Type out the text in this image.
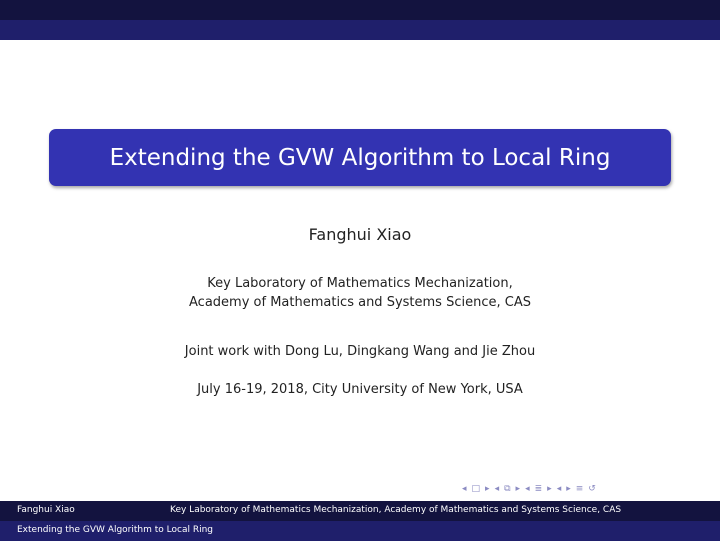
Extending the GVW Algorithm to Local Ring
Fanghui Xiao
Key Laboratory of Mathematics Mechanization,
Academy of Mathematics and Systems Science, CAS
Joint work with Dong Lu, Dingkang Wang and Jie Zhou
July 16-19, 2018, City University of New York, USA
◂ □ ▸ ◂ ⧉ ▸ ◂ ≣ ▸ ◂ ▸ ≡ ↺
Fanghui Xiao	Key Laboratory of Mathematics Mechanization, Academy of Mathematics and Systems Science, CAS
Extending the GVW Algorithm to Local Ring
